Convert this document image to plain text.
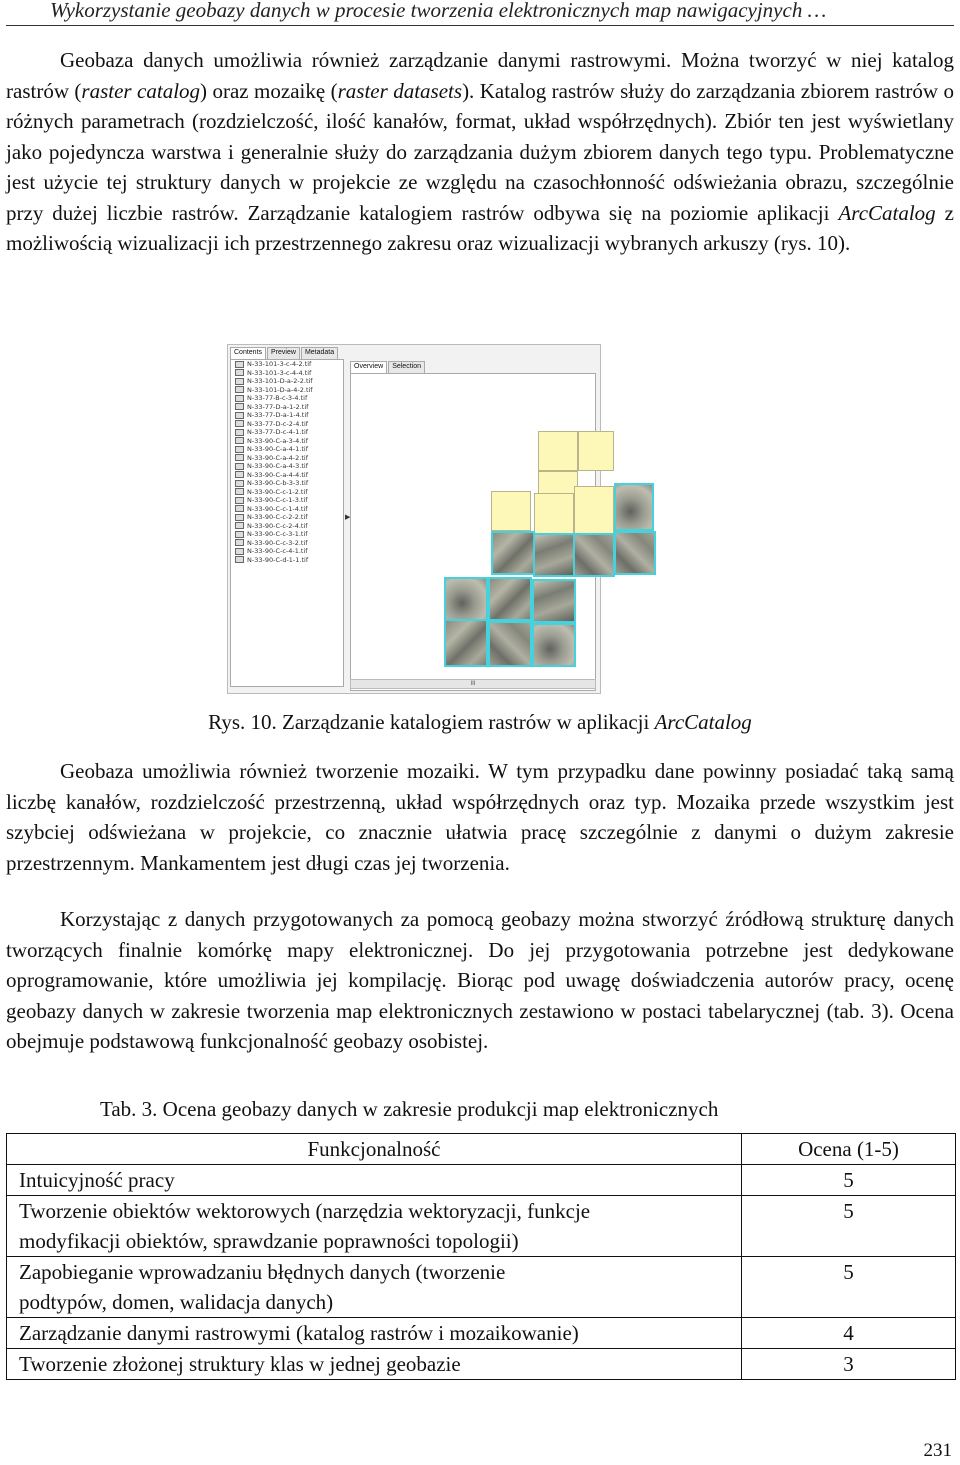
Wykorzystanie geobazy danych w procesie tworzenia elektronicznych map nawigacyjnych …

Geobaza danych umożliwia również zarządzanie danymi rastrowymi. Można tworzyć w niej katalog rastrów (raster catalog) oraz mozaikę (raster datasets). Katalog rastrów służy do zarządzania zbiorem rastrów o różnych parametrach (rozdzielczość, ilość kanałów, format, układ współrzędnych). Zbiór ten jest wyświetlany jako pojedyncza warstwa i generalnie służy do zarządzania dużym zbiorem danych tego typu. Problematyczne jest użycie tej struktury danych w projekcie ze względu na czasochłonność odświeżania obrazu, szczególnie przy dużej liczbie rastrów. Zarządzanie katalogiem rastrów odbywa się na poziomie aplikacji ArcCatalog z możliwością wizualizacji ich przestrzennego zakresu oraz wizualizacji wybranych arkuszy (rys. 10).

Contents	Preview	Metadata
N-33-101-3-c-4-2.tif
N-33-101-3-c-4-4.tif
N-33-101-D-a-2-2.tif
N-33-101-D-a-4-2.tif
N-33-77-B-c-3-4.tif
N-33-77-D-a-1-2.tif
N-33-77-D-a-1-4.tif
N-33-77-D-c-2-4.tif
N-33-77-D-c-4-1.tif
N-33-90-C-a-3-4.tif
N-33-90-C-a-4-1.tif
N-33-90-C-a-4-2.tif
N-33-90-C-a-4-3.tif
N-33-90-C-a-4-4.tif
N-33-90-C-b-3-3.tif
N-33-90-C-c-1-2.tif
N-33-90-C-c-1-3.tif
N-33-90-C-c-1-4.tif
N-33-90-C-c-2-2.tif
N-33-90-C-c-2-4.tif
N-33-90-C-c-3-1.tif
N-33-90-C-c-3-2.tif
N-33-90-C-c-4-1.tif
N-33-90-C-d-1-1.tif
▶
Overview	Selection
III
Rys. 10. Zarządzanie katalogiem rastrów w aplikacji ArcCatalog

Geobaza umożliwia również tworzenie mozaiki. W tym przypadku dane powinny posiadać taką samą liczbę kanałów, rozdzielczość przestrzenną, układ współrzędnych oraz typ. Mozaika przede wszystkim jest szybciej odświeżana w projekcie, co znacznie ułatwia pracę szczególnie z danymi o dużym zakresie przestrzennym. Mankamentem jest długi czas jej tworzenia.

Korzystając z danych przygotowanych za pomocą geobazy można stworzyć źródłową strukturę danych tworzących finalnie komórkę mapy elektronicznej. Do jej przygotowania potrzebne jest dedykowane oprogramowanie, które umożliwia jej kompilację. Biorąc pod uwagę doświadczenia autorów pracy, ocenę geobazy danych w zakresie tworzenia map elektronicznych zestawiono w postaci tabelarycznej (tab. 3). Ocena obejmuje podstawową funkcjonalność geobazy osobistej.

Tab. 3. Ocena geobazy danych w zakresie produkcji map elektronicznych
Funkcjonalność	Ocena (1-5)
Intuicyjność pracy	5
Tworzenie obiektów wektorowych (narzędzia wektoryzacji, funkcje modyfikacji obiektów, sprawdzanie poprawności topologii)	5
Zapobieganie wprowadzaniu błędnych danych (tworzenie podtypów, domen, walidacja danych)	5
Zarządzanie danymi rastrowymi (katalog rastrów i mozaikowanie)	4
Tworzenie złożonej struktury klas w jednej geobazie	3
231
